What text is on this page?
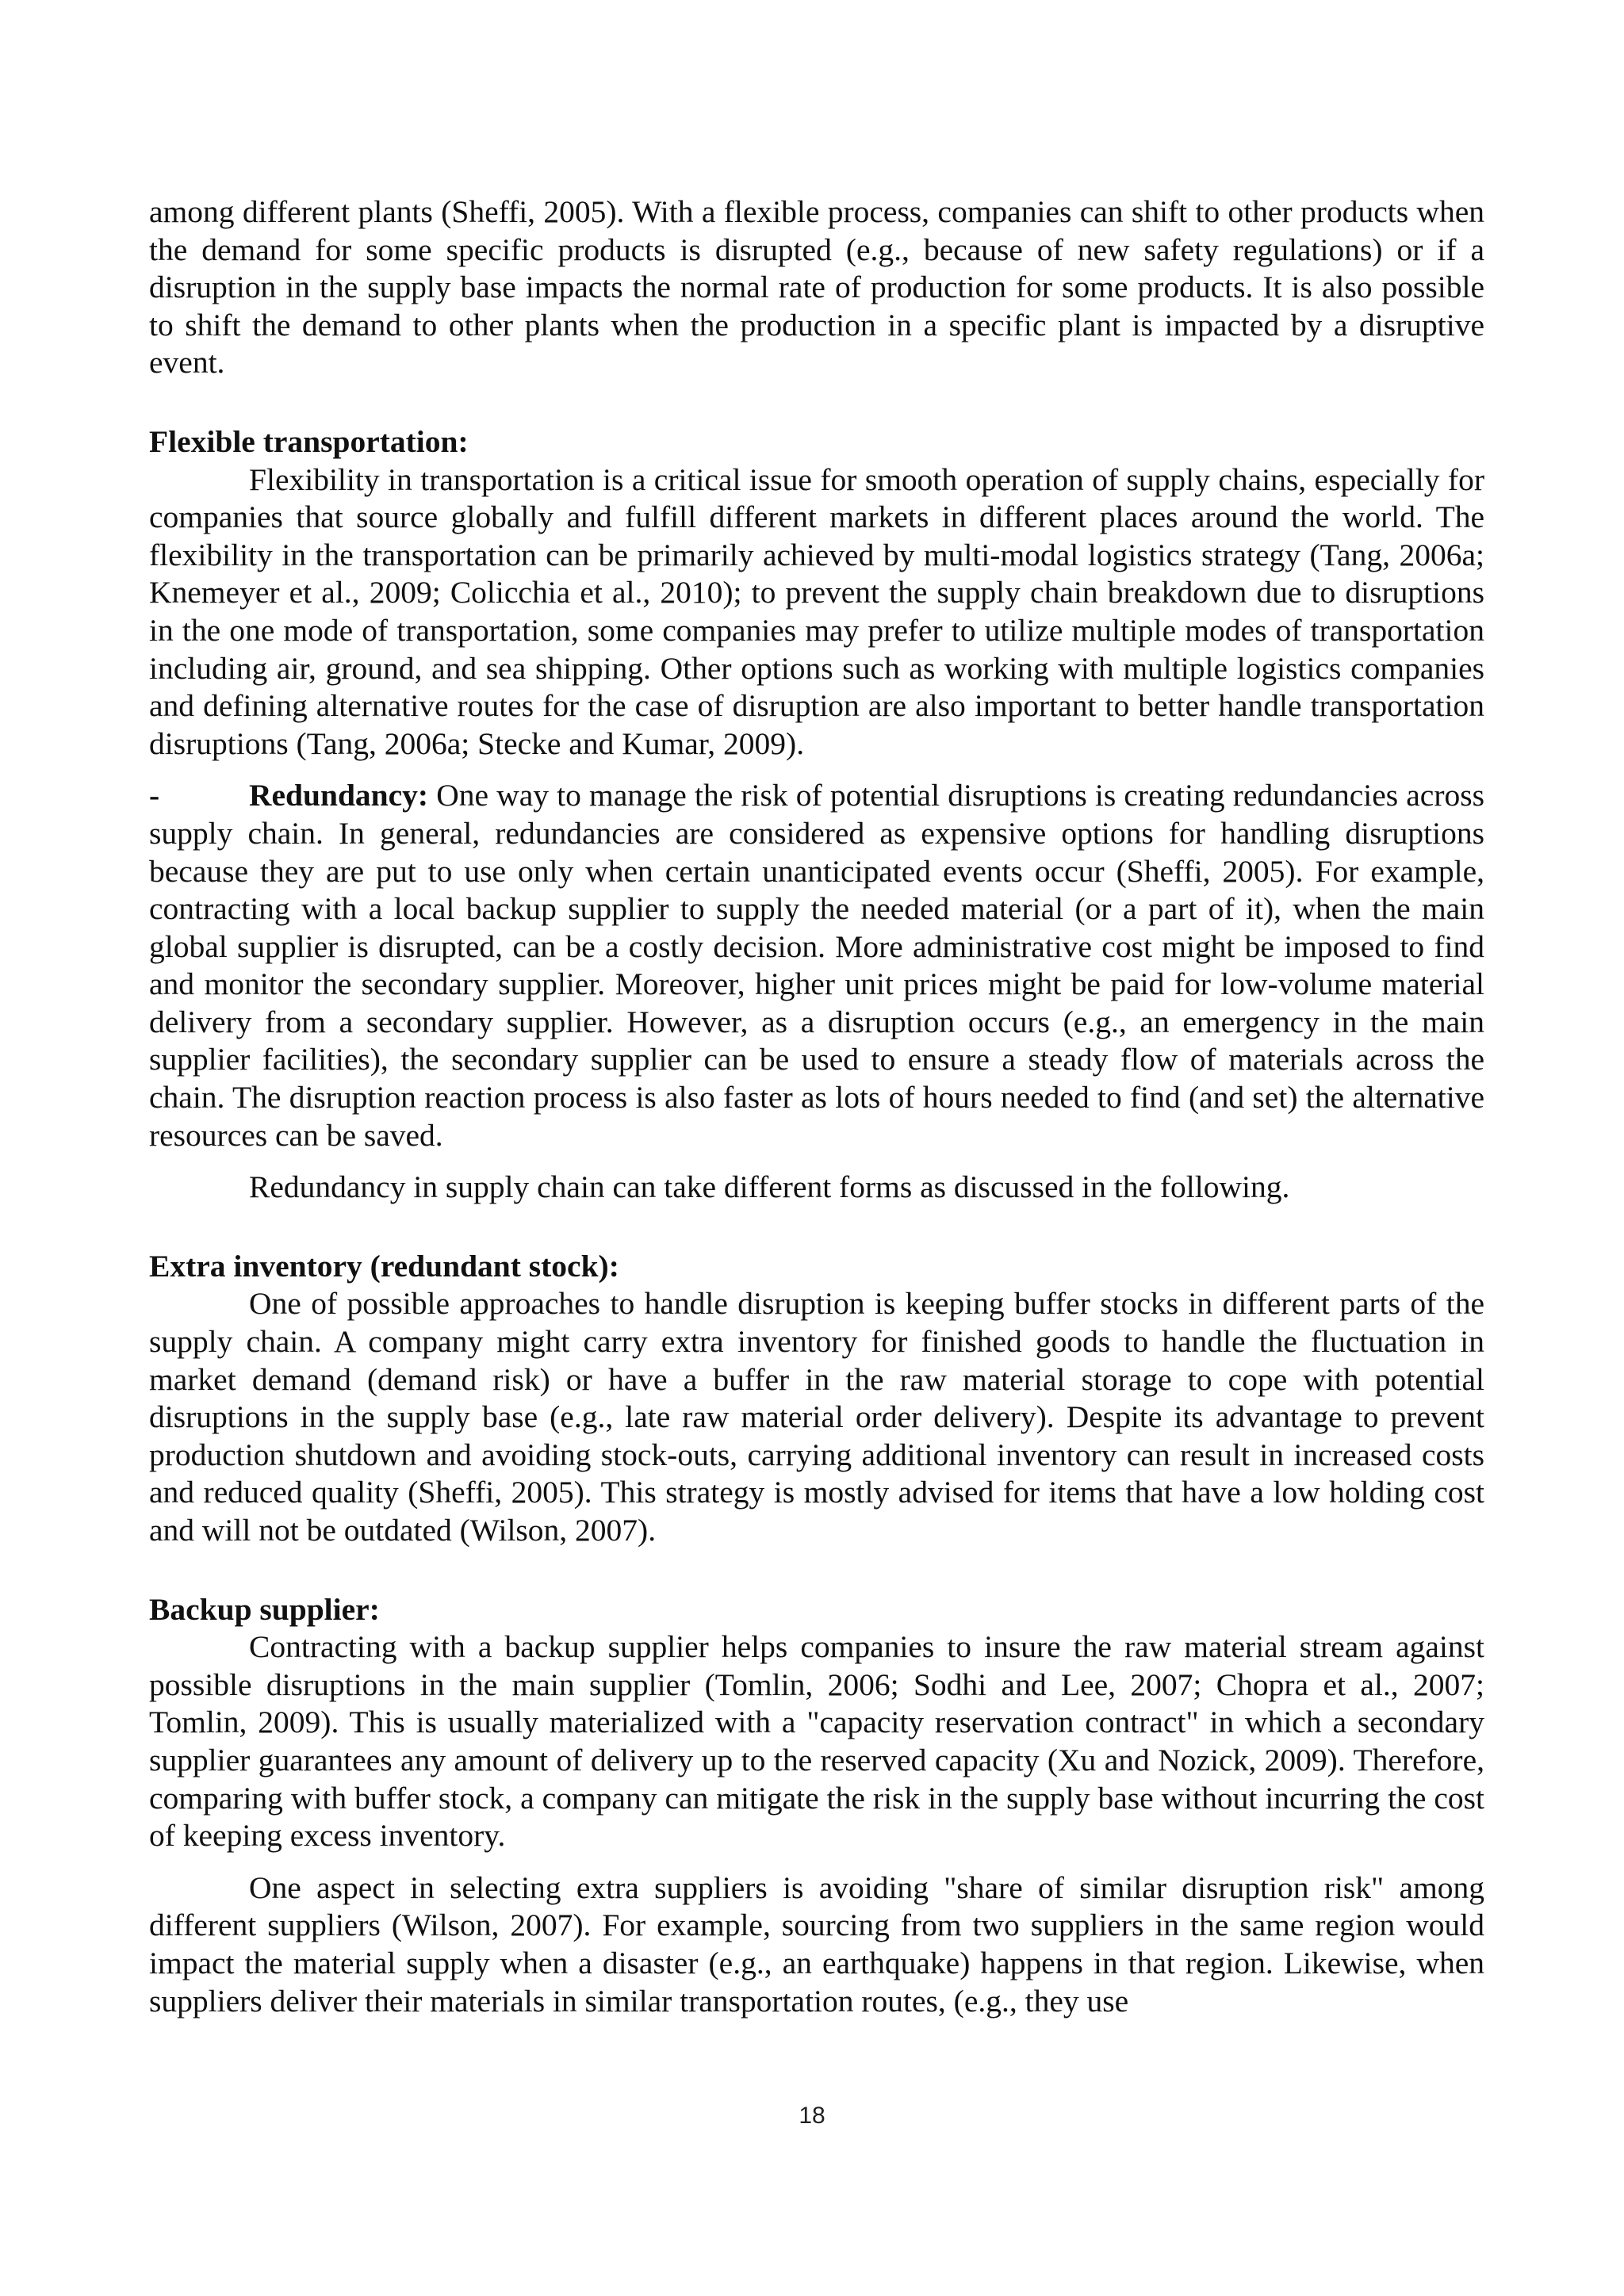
among different plants (Sheffi, 2005). With a flexible process, companies can shift to other products when the demand for some specific products is disrupted (e.g., because of new safety regulations) or if a disruption in the supply base impacts the normal rate of production for some products. It is also possible to shift the demand to other plants when the production in a specific plant is impacted by a disruptive event.

Flexible transportation:

Flexibility in transportation is a critical issue for smooth operation of supply chains, especially for companies that source globally and fulfill different markets in different places around the world. The flexibility in the transportation can be primarily achieved by multi-modal logistics strategy (Tang, 2006a; Knemeyer et al., 2009; Colicchia et al., 2010); to prevent the supply chain breakdown due to disruptions in the one mode of transportation, some companies may prefer to utilize multiple modes of transportation including air, ground, and sea shipping. Other options such as working with multiple logistics companies and defining alternative routes for the case of disruption are also important to better handle transportation disruptions (Tang, 2006a; Stecke and Kumar, 2009).

-	Redundancy: One way to manage the risk of potential disruptions is creating redundancies across supply chain. In general, redundancies are considered as expensive options for handling disruptions because they are put to use only when certain unanticipated events occur (Sheffi, 2005). For example, contracting with a local backup supplier to supply the needed material (or a part of it), when the main global supplier is disrupted, can be a costly decision. More administrative cost might be imposed to find and monitor the secondary supplier. Moreover, higher unit prices might be paid for low-volume material delivery from a secondary supplier. However, as a disruption occurs (e.g., an emergency in the main supplier facilities), the secondary supplier can be used to ensure a steady flow of materials across the chain. The disruption reaction process is also faster as lots of hours needed to find (and set) the alternative resources can be saved.

Redundancy in supply chain can take different forms as discussed in the following.

Extra inventory (redundant stock):

One of possible approaches to handle disruption is keeping buffer stocks in different parts of the supply chain. A company might carry extra inventory for finished goods to handle the fluctuation in market demand (demand risk) or have a buffer in the raw material storage to cope with potential disruptions in the supply base (e.g., late raw material order delivery). Despite its advantage to prevent production shutdown and avoiding stock-outs, carrying additional inventory can result in increased costs and reduced quality (Sheffi, 2005). This strategy is mostly advised for items that have a low holding cost and will not be outdated (Wilson, 2007).

Backup supplier:

Contracting with a backup supplier helps companies to insure the raw material stream against possible disruptions in the main supplier (Tomlin, 2006; Sodhi and Lee, 2007; Chopra et al., 2007; Tomlin, 2009). This is usually materialized with a "capacity reservation contract" in which a secondary supplier guarantees any amount of delivery up to the reserved capacity (Xu and Nozick, 2009). Therefore, comparing with buffer stock, a company can mitigate the risk in the supply base without incurring the cost of keeping excess inventory.

One aspect in selecting extra suppliers is avoiding "share of similar disruption risk" among different suppliers (Wilson, 2007). For example, sourcing from two suppliers in the same region would impact the material supply when a disaster (e.g., an earthquake) happens in that region. Likewise, when suppliers deliver their materials in similar transportation routes, (e.g., they use

18
